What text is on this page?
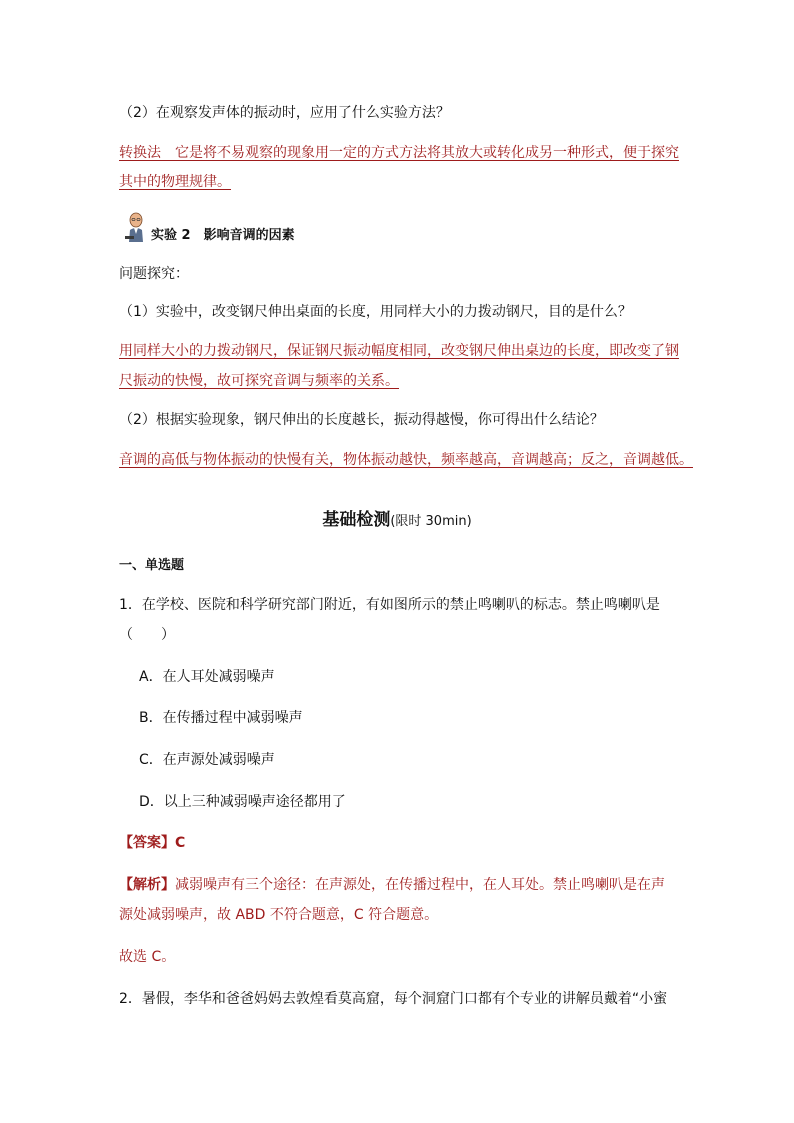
（2）在观察发声体的振动时，应用了什么实验方法？
转换法　它是将不易观察的现象用一定的方式方法将其放大或转化成另一种形式，便于探究
其中的物理规律。
实验 2　影响音调的因素
问题探究：
（1）实验中，改变钢尺伸出桌面的长度，用同样大小的力拨动钢尺，目的是什么？
用同样大小的力拨动钢尺，保证钢尺振动幅度相同，改变钢尺伸出桌边的长度，即改变了钢
尺振动的快慢，故可探究音调与频率的关系。
（2）根据实验现象，钢尺伸出的长度越长，振动得越慢，你可得出什么结论？
音调的高低与物体振动的快慢有关，物体振动越快，频率越高，音调越高；反之，音调越低。
基础检测(限时 30min)
一、单选题
1．在学校、医院和科学研究部门附近，有如图所示的禁止鸣喇叭的标志。禁止鸣喇叭是
（　　）
A．在人耳处减弱噪声
B．在传播过程中减弱噪声
C．在声源处减弱噪声
D．以上三种减弱噪声途径都用了
【答案】C
【解析】减弱噪声有三个途径：在声源处，在传播过程中，在人耳处。禁止鸣喇叭是在声
源处减弱噪声，故 ABD 不符合题意，C 符合题意。
故选 C。
2．暑假，李华和爸爸妈妈去敦煌看莫高窟，每个洞窟门口都有个专业的讲解员戴着“小蜜
